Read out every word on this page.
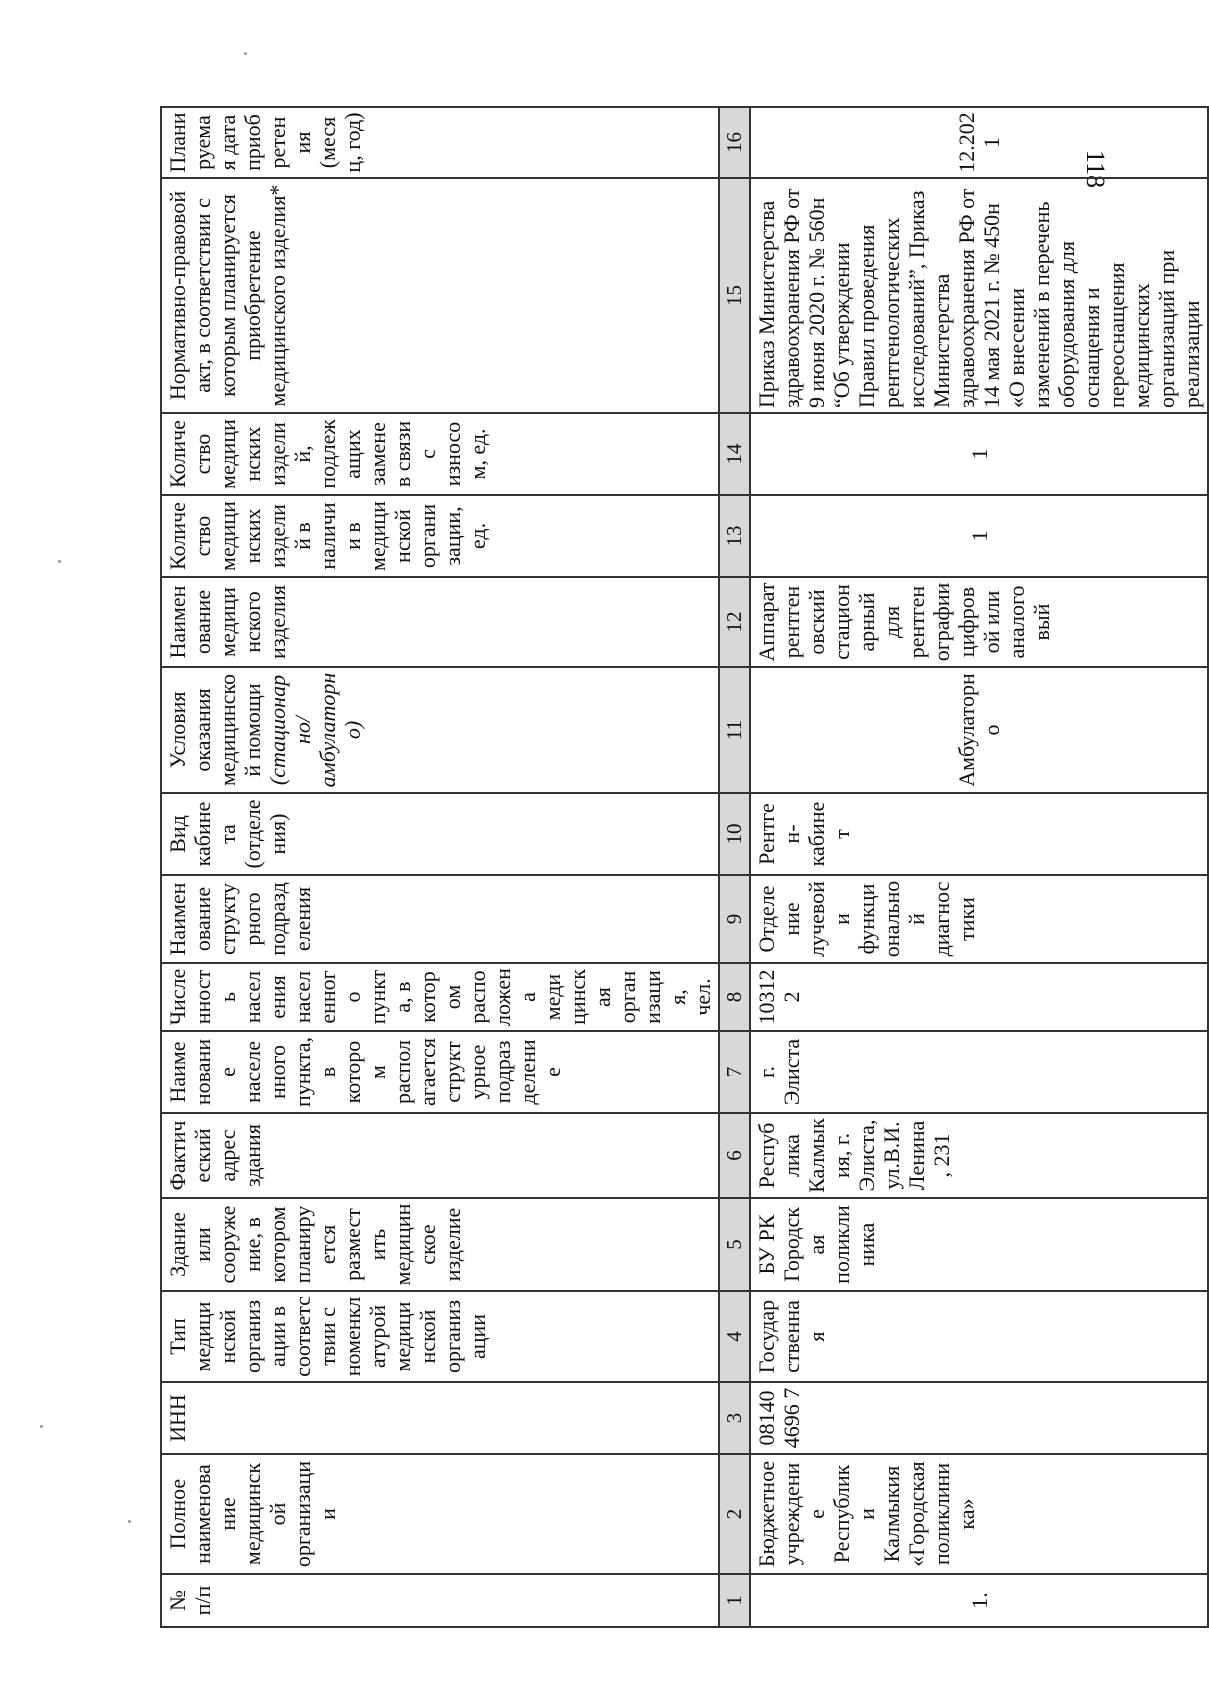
118
№ п/п	Полное наименование медицинской организации	ИНН	Тип медицинской организации в соответствии с номенклатурой медицинской организации	Здание или сооружение, в котором планируется разместить медицинское изделие	Фактический адрес здания	Наименование населенного пункта, в котором располагается структурное подразделение	Численность населения населенного пункта, в котором расположена медицинская организация, чел.	Наименование структурного подразделения	Вид кабинета (отделения)	Условия оказания медицинской помощи (стационарно/амбулаторно)	Наименование медицинского изделия	Количество медицинских изделий в наличии в медицинской организации, ед.	Количество медицинских изделий, подлежащих замене в связи с износом, ед.	Нормативно-правовой акт, в соответствии с которым планируется приобретение медицинского изделия*	Планируемая дата приобретения (месяц, год)
1	2	3	4	5	6	7	8	9	10	11	12	13	14	15	16
1.	Бюджетное учреждение Республики Калмыкия «Городская поликлиника»	081404696 7	Государственная	БУ РК Городская поликлиника	Республика Калмыкия, г. Элиста, ул.В.И. Ленина, 231	г. Элиста	103122	Отделение лучевой и функциональной диагностики	Рентген-кабинет	Амбулаторно	Аппарат рентгеновский стационарный для рентгенографии цифровой или аналоговый	1	1	Приказ Министерства здравоохранения РФ от 9 июня 2020 г. № 560н “Об утверждении Правил проведения рентгенологических исследований”, Приказ Министерства здравоохранения РФ от 14 мая 2021 г. № 450н «О внесении изменений в перечень оборудования для оснащения и переоснащения медицинских организаций при реализации	12.2021
